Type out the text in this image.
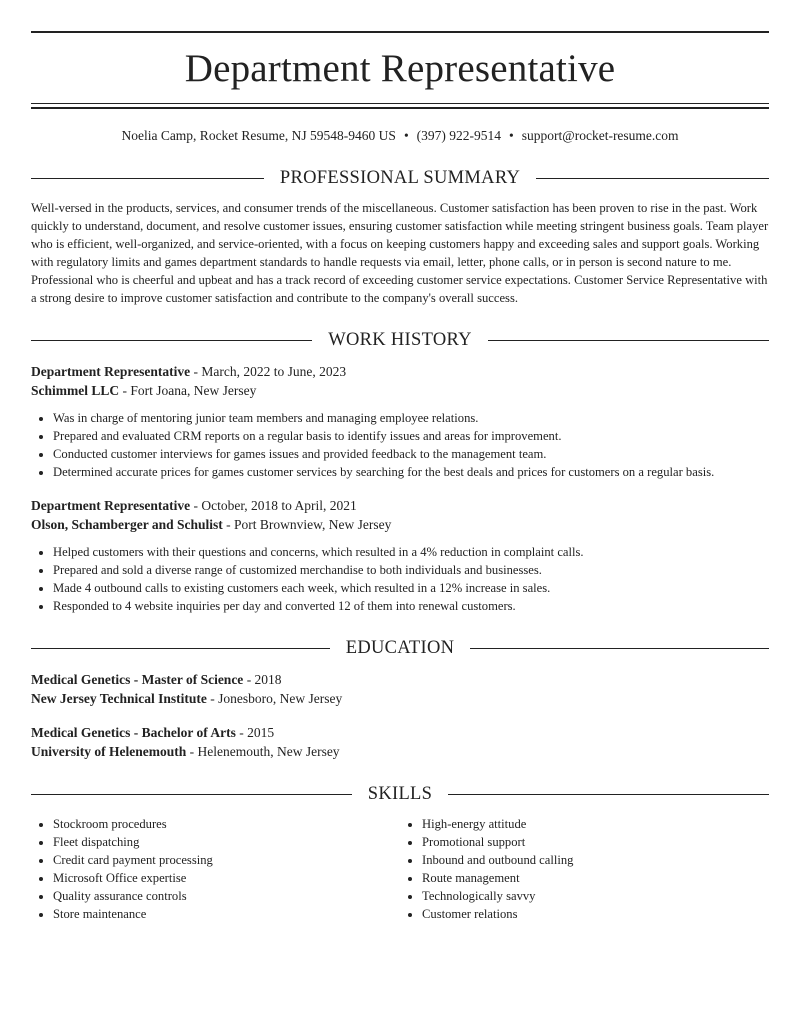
Department Representative
Noelia Camp, Rocket Resume, NJ 59548-9460 US • (397) 922-9514 • support@rocket-resume.com
PROFESSIONAL SUMMARY
Well-versed in the products, services, and consumer trends of the miscellaneous. Customer satisfaction has been proven to rise in the past. Work quickly to understand, document, and resolve customer issues, ensuring customer satisfaction while meeting stringent business goals. Team player who is efficient, well-organized, and service-oriented, with a focus on keeping customers happy and exceeding sales and support goals. Working with regulatory limits and games department standards to handle requests via email, letter, phone calls, or in person is second nature to me. Professional who is cheerful and upbeat and has a track record of exceeding customer service expectations. Customer Service Representative with a strong desire to improve customer satisfaction and contribute to the company's overall success.
WORK HISTORY
Department Representative - March, 2022 to June, 2023
Schimmel LLC - Fort Joana, New Jersey
• Was in charge of mentoring junior team members and managing employee relations.
• Prepared and evaluated CRM reports on a regular basis to identify issues and areas for improvement.
• Conducted customer interviews for games issues and provided feedback to the management team.
• Determined accurate prices for games customer services by searching for the best deals and prices for customers on a regular basis.
Department Representative - October, 2018 to April, 2021
Olson, Schamberger and Schulist - Port Brownview, New Jersey
• Helped customers with their questions and concerns, which resulted in a 4% reduction in complaint calls.
• Prepared and sold a diverse range of customized merchandise to both individuals and businesses.
• Made 4 outbound calls to existing customers each week, which resulted in a 12% increase in sales.
• Responded to 4 website inquiries per day and converted 12 of them into renewal customers.
EDUCATION
Medical Genetics - Master of Science - 2018
New Jersey Technical Institute - Jonesboro, New Jersey
Medical Genetics - Bachelor of Arts - 2015
University of Helenemouth - Helenemouth, New Jersey
SKILLS
• Stockroom procedures
• Fleet dispatching
• Credit card payment processing
• Microsoft Office expertise
• Quality assurance controls
• Store maintenance
• High-energy attitude
• Promotional support
• Inbound and outbound calling
• Route management
• Technologically savvy
• Customer relations
